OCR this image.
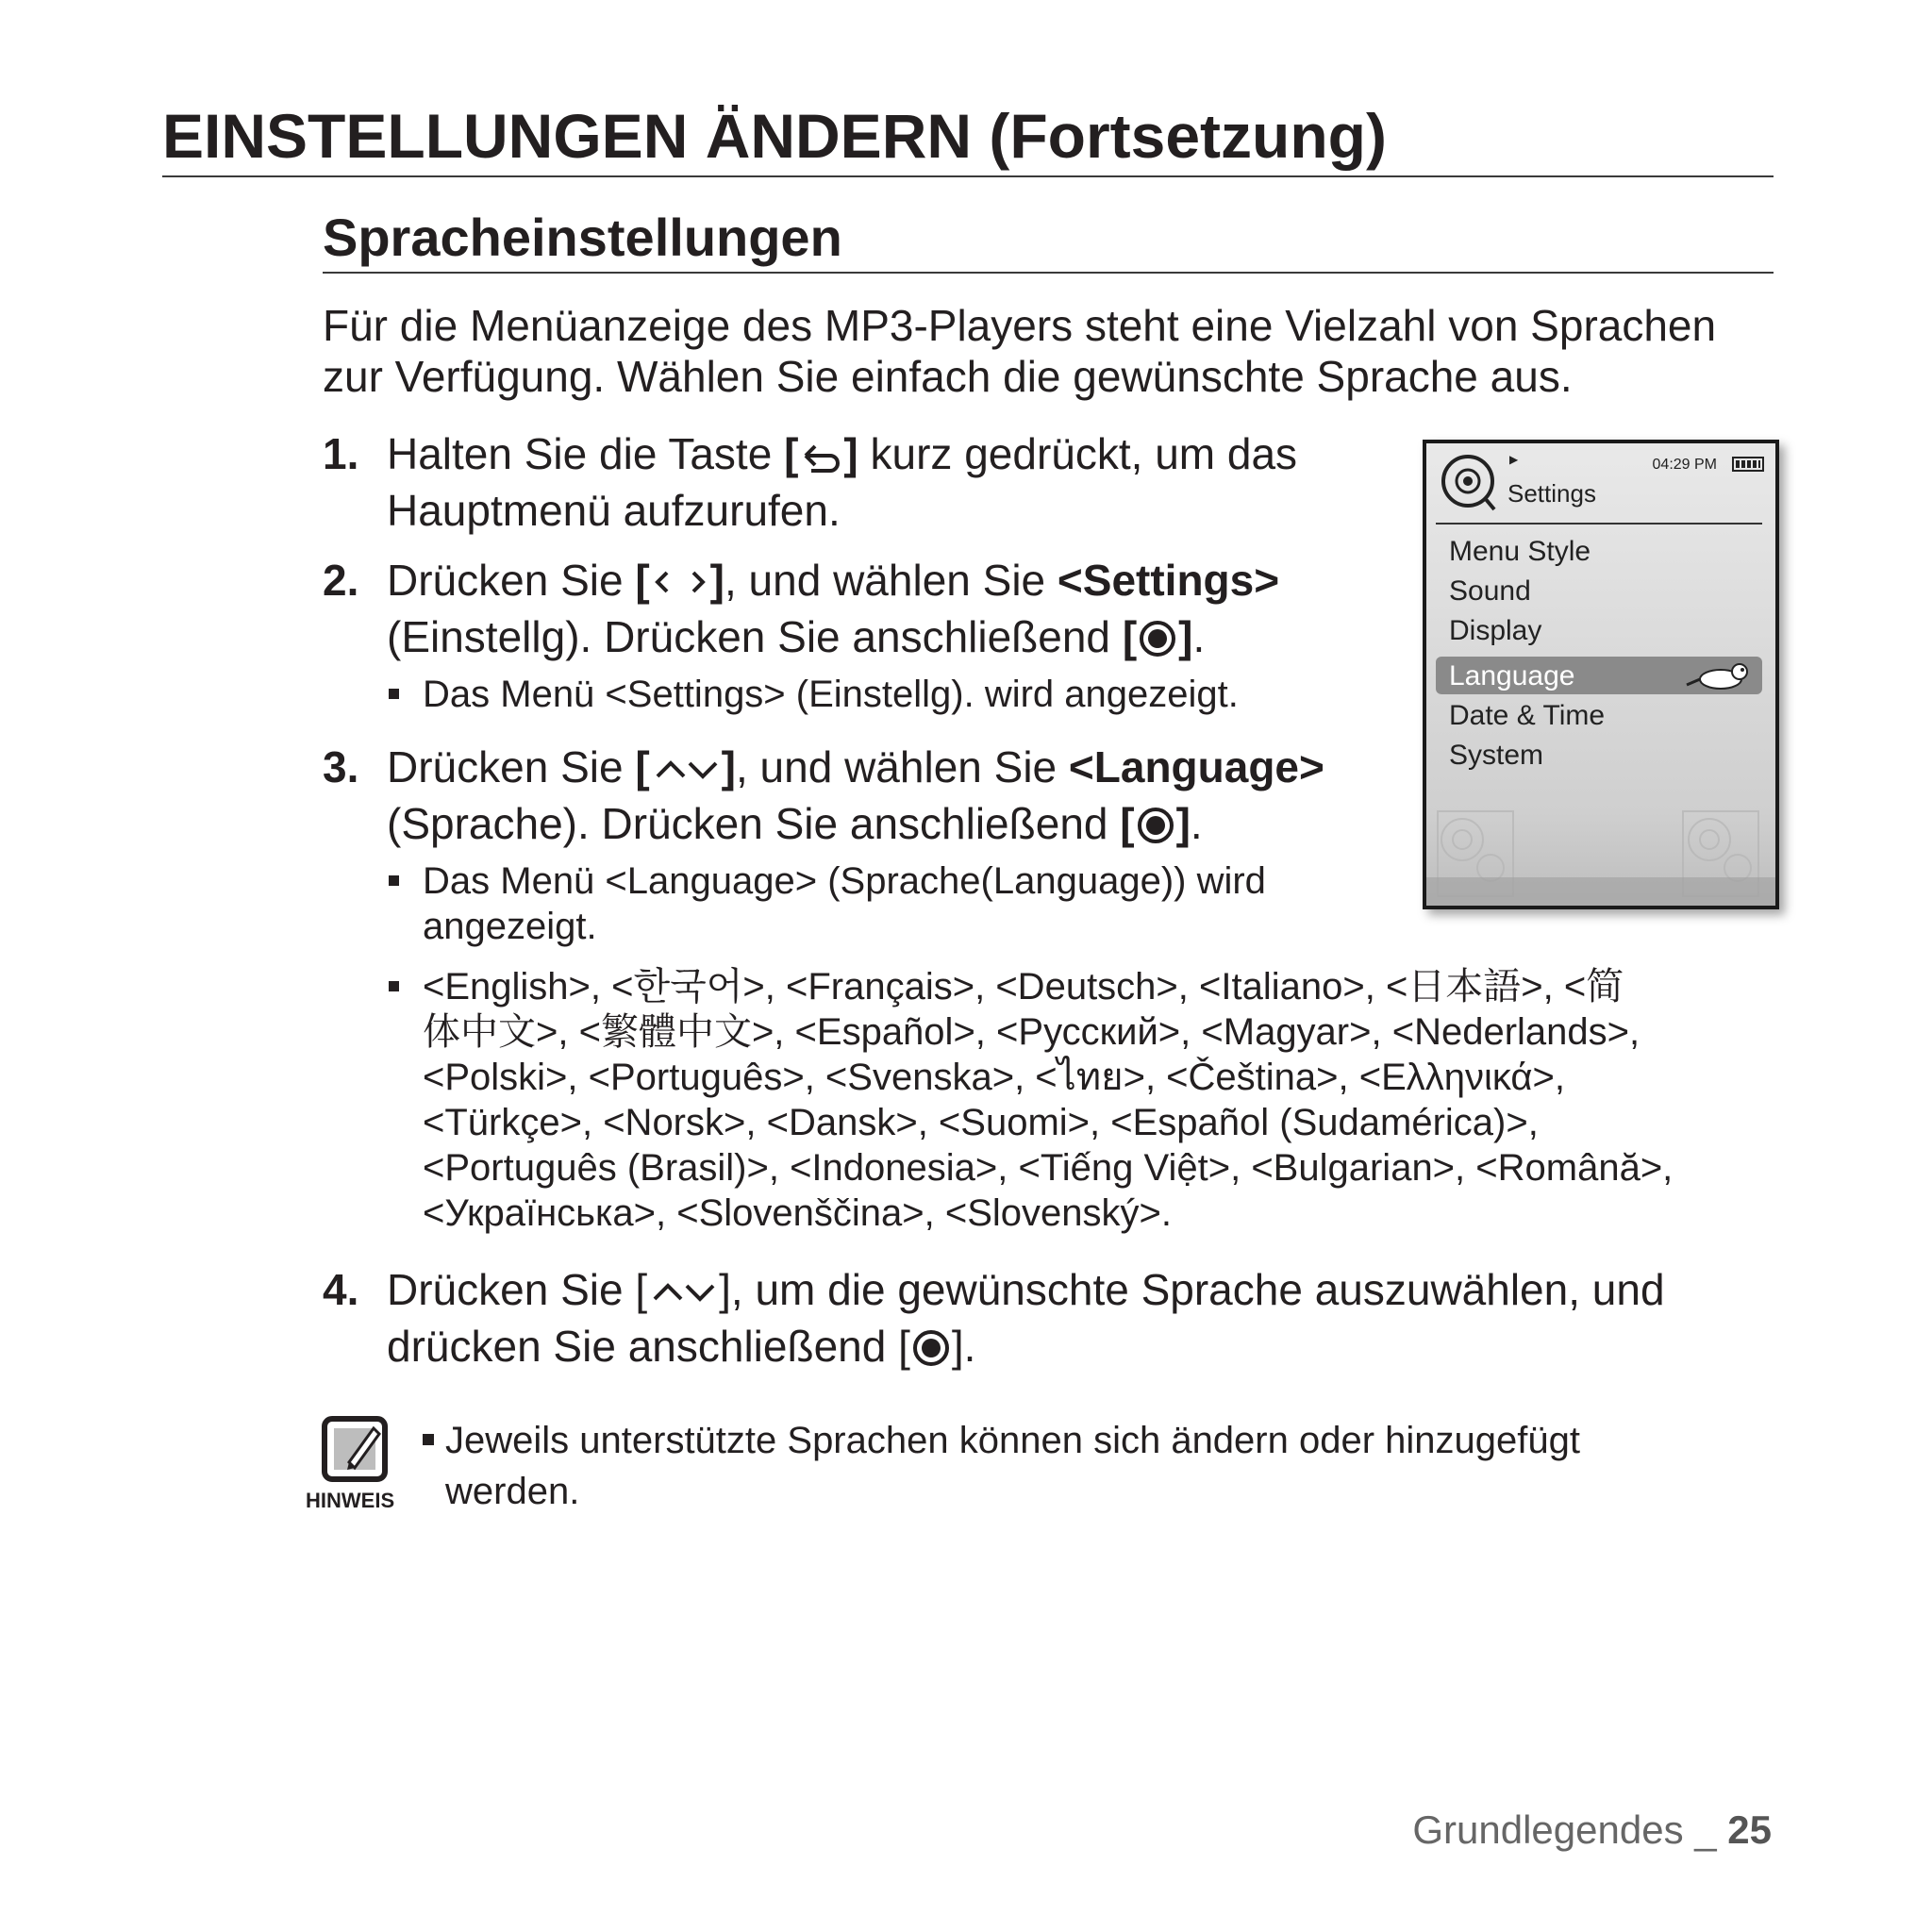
EINSTELLUNGEN ÄNDERN (Fortsetzung)
Spracheinstellungen
Für die Menüanzeige des MP3-Players steht eine Vielzahl von Sprachen
zur Verfügung. Wählen Sie einfach die gewünschte Sprache aus.
1. Halten Sie die Taste [ ] kurz gedrückt, um das
Hauptmenü aufzurufen.
2. Drücken Sie [ ], und wählen Sie <Settings>
(Einstellg). Drücken Sie anschließend [ ].
Das Menü <Settings> (Einstellg). wird angezeigt.
3. Drücken Sie [ ], und wählen Sie <Language>
(Sprache). Drücken Sie anschließend [ ].
Das Menü <Language> (Sprache(Language)) wird
angezeigt.
<English>, <한국어>, <Français>, <Deutsch>, <Italiano>, <日本語>, <简
体中文>, <繁體中文>, <Español>, <Русский>, <Magyar>, <Nederlands>,
<Polski>, <Português>, <Svenska>, <ไทย>, <Čeština>, <Ελληνικά>,
<Türkçe>, <Norsk>, <Dansk>, <Suomi>, <Español (Sudamérica)>,
<Português (Brasil)>, <Indonesia>, <Tiếng Việt>, <Bulgarian>, <Română>,
<Українська>, <Slovenščina>, <Slovenský>.
4. Drücken Sie [ ], um die gewünschte Sprache auszuwählen, und
drücken Sie anschließend [ ].
▶	04:29 PM
Settings
Menu Style
Sound
Display
Language
Date & Time
System
HINWEIS
Jeweils unterstützte Sprachen können sich ändern oder hinzugefügt
werden.
Grundlegendes _ 25
